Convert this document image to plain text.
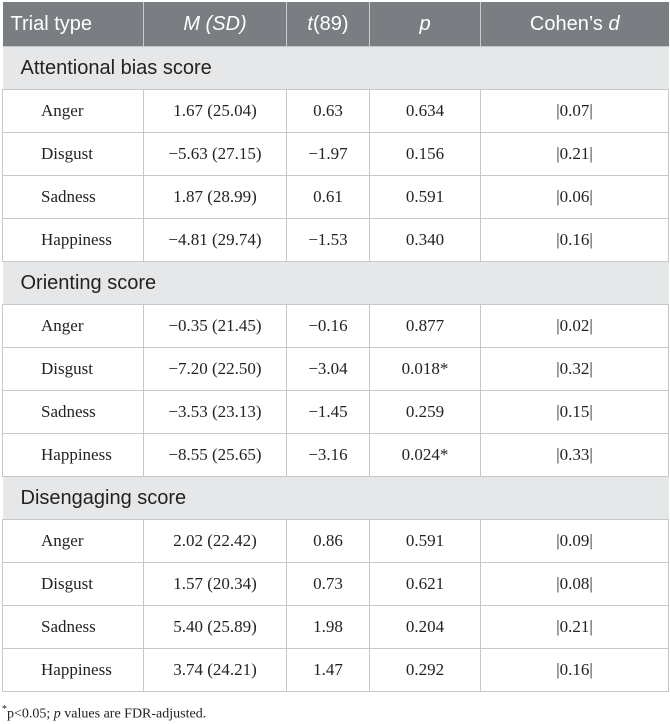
Trial type	M (SD)	t(89)	p	Cohen’s d
Attentional bias score				
Anger	1.67 (25.04)	0.63	0.634	|0.07|
Disgust	−5.63 (27.15)	−1.97	0.156	|0.21|
Sadness	1.87 (28.99)	0.61	0.591	|0.06|
Happiness	−4.81 (29.74)	−1.53	0.340	|0.16|
Orienting score				
Anger	−0.35 (21.45)	−0.16	0.877	|0.02|
Disgust	−7.20 (22.50)	−3.04	0.018*	|0.32|
Sadness	−3.53 (23.13)	−1.45	0.259	|0.15|
Happiness	−8.55 (25.65)	−3.16	0.024*	|0.33|
Disengaging score				
Anger	2.02 (22.42)	0.86	0.591	|0.09|
Disgust	1.57 (20.34)	0.73	0.621	|0.08|
Sadness	5.40 (25.89)	1.98	0.204	|0.21|
Happiness	3.74 (24.21)	1.47	0.292	|0.16|
*p<0.05; p values are FDR-adjusted.
